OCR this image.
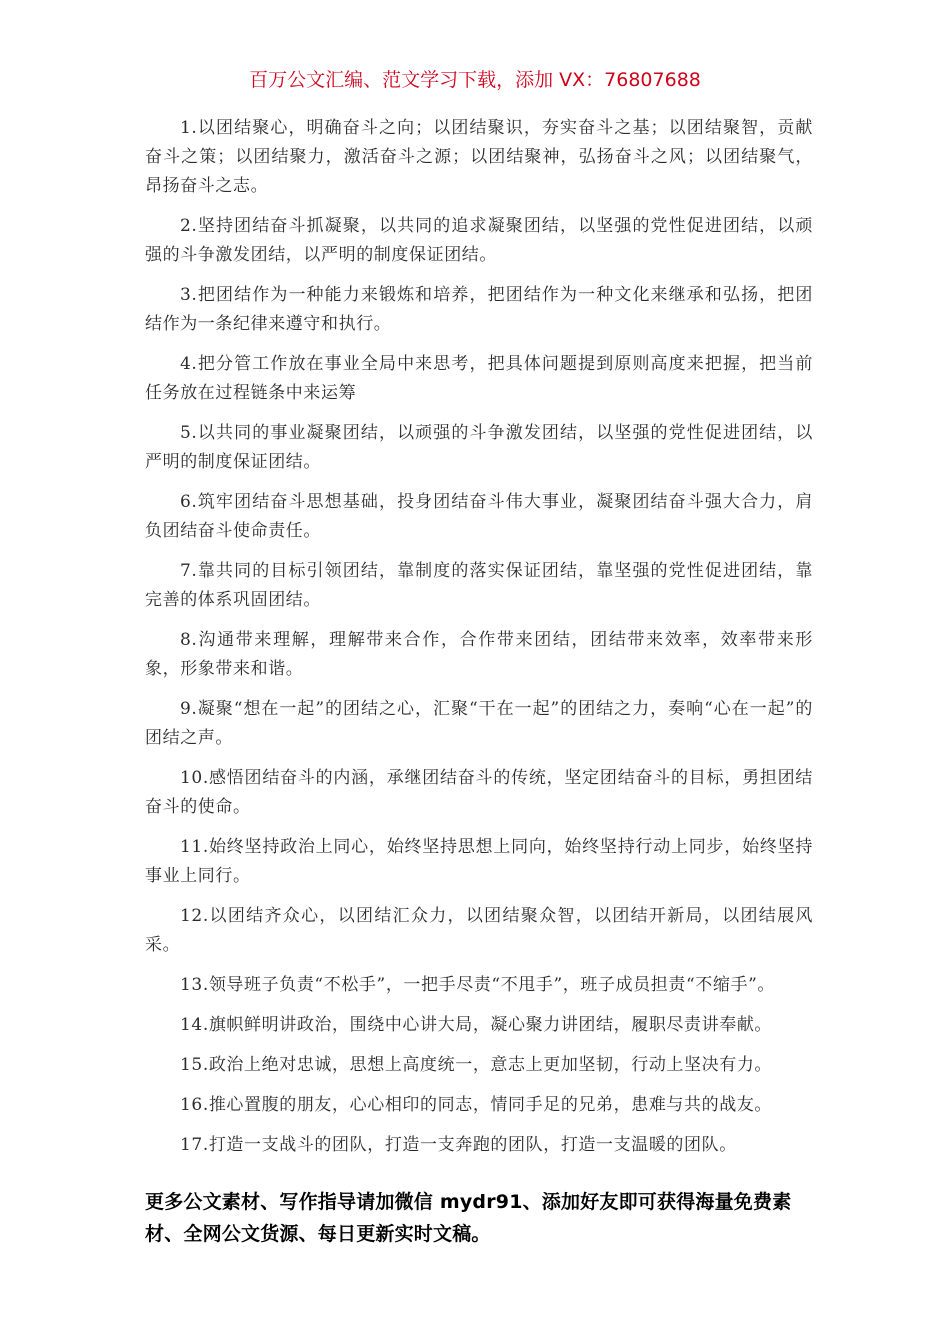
百万公文汇编、范文学习下载，添加 VX：76807688

1.以团结聚心，明确奋斗之向；以团结聚识，夯实奋斗之基；以团结聚智，贡献奋斗之策；以团结聚力，激活奋斗之源；以团结聚神，弘扬奋斗之风；以团结聚气，昂扬奋斗之志。

2.坚持团结奋斗抓凝聚，以共同的追求凝聚团结，以坚强的党性促进团结，以顽强的斗争激发团结，以严明的制度保证团结。

3.把团结作为一种能力来锻炼和培养，把团结作为一种文化来继承和弘扬，把团结作为一条纪律来遵守和执行。

4.把分管工作放在事业全局中来思考，把具体问题提到原则高度来把握，把当前任务放在过程链条中来运筹

5.以共同的事业凝聚团结，以顽强的斗争激发团结，以坚强的党性促进团结，以严明的制度保证团结。

6.筑牢团结奋斗思想基础，投身团结奋斗伟大事业，凝聚团结奋斗强大合力，肩负团结奋斗使命责任。

7.靠共同的目标引领团结，靠制度的落实保证团结，靠坚强的党性促进团结，靠完善的体系巩固团结。

8.沟通带来理解，理解带来合作，合作带来团结，团结带来效率，效率带来形象，形象带来和谐。

9.凝聚“想在一起”的团结之心，汇聚“干在一起”的团结之力，奏响“心在一起”的团结之声。

10.感悟团结奋斗的内涵，承继团结奋斗的传统，坚定团结奋斗的目标，勇担团结奋斗的使命。

11.始终坚持政治上同心，始终坚持思想上同向，始终坚持行动上同步，始终坚持事业上同行。

12.以团结齐众心，以团结汇众力，以团结聚众智，以团结开新局，以团结展风采。

13.领导班子负责“不松手”，一把手尽责“不甩手”，班子成员担责“不缩手”。

14.旗帜鲜明讲政治，围绕中心讲大局，凝心聚力讲团结，履职尽责讲奉献。

15.政治上绝对忠诚，思想上高度统一，意志上更加坚韧，行动上坚决有力。

16.推心置腹的朋友，心心相印的同志，情同手足的兄弟，患难与共的战友。

17.打造一支战斗的团队，打造一支奔跑的团队，打造一支温暖的团队。

更多公文素材、写作指导请加微信 mydr91、添加好友即可获得海量免费素材、全网公文货源、每日更新实时文稿。
